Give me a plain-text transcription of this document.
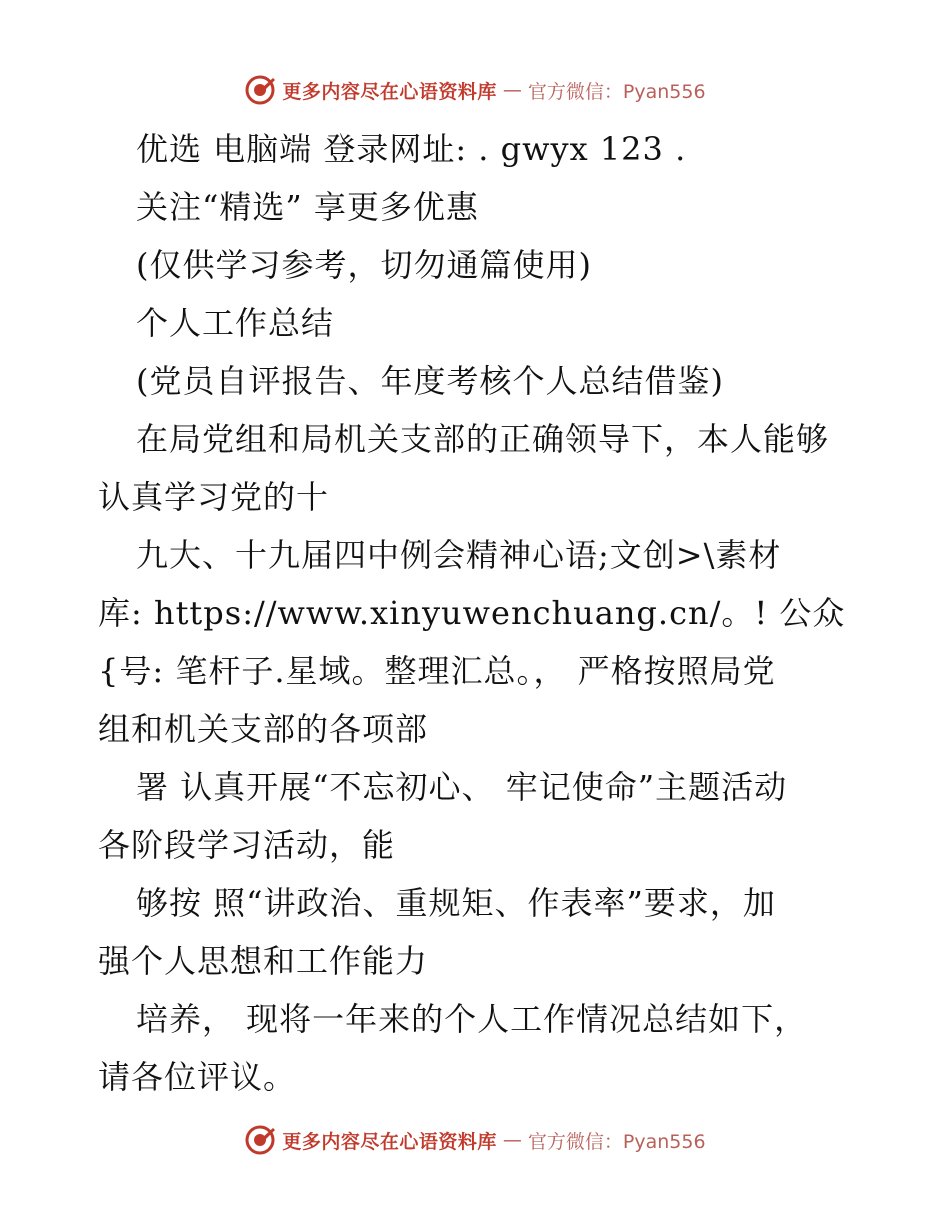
更多内容尽在心语资料库 — 官方微信：Pyan556
优选 电脑端 登录网址: . gwyx 123 .
关注“精选” 享更多优惠
(仅供学习参考，切勿通篇使用)
个人工作总结
(党员自评报告、年度考核个人总结借鉴)
在局党组和局机关支部的正确领导下，本人能够
认真学习党的十
九大、十九届四中例会精神心语;文创>\素材
库: https://www.xinyuwenchuang.cn/。! 公众
{号: 笔杆子.星域。整理汇总。， 严格按照局党
组和机关支部的各项部
署 认真开展“不忘初心、 牢记使命”主题活动
各阶段学习活动，能
够按 照“讲政治、重规矩、作表率”要求，加
强个人思想和工作能力
培养， 现将一年来的个人工作情况总结如下，
请各位评议。
更多内容尽在心语资料库 — 官方微信：Pyan556
